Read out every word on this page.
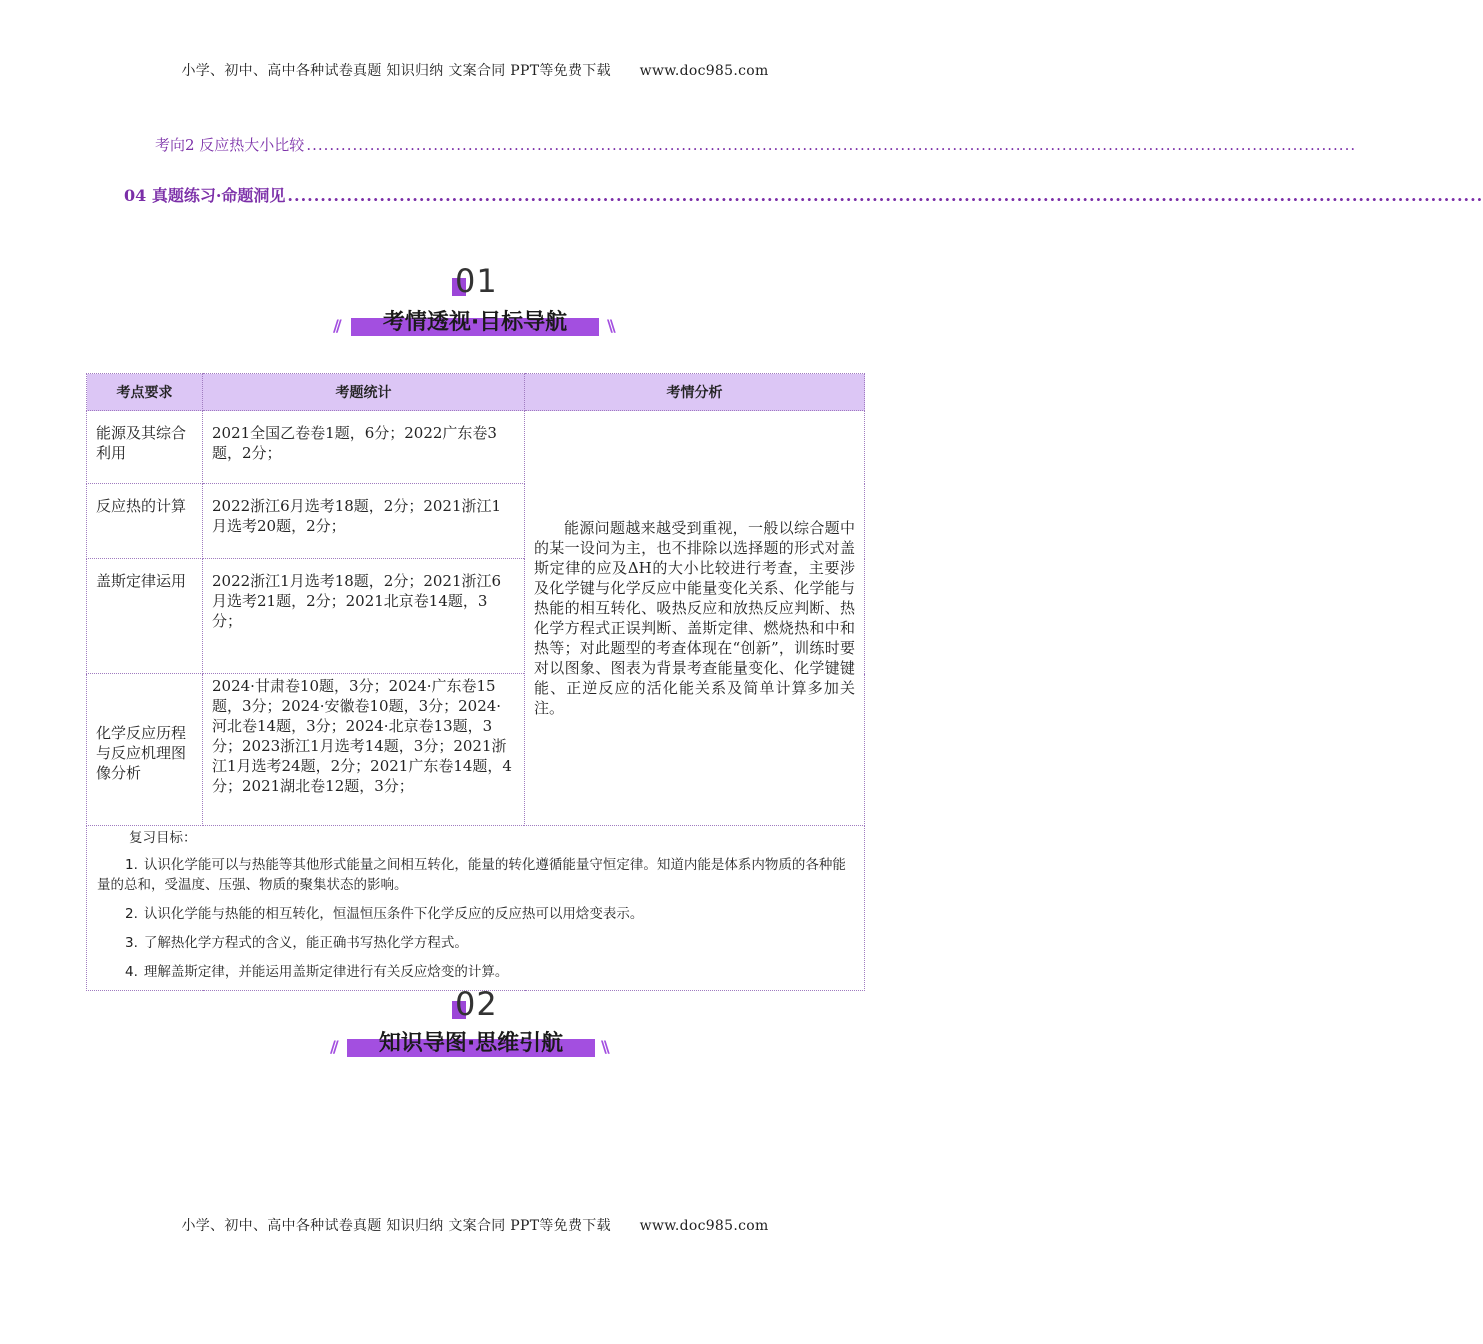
小学、初中、高中各种试卷真题 知识归纳 文案合同 PPT等免费下载 www.doc985.com
考向2 反应热大小比较 ......................................................................................................................................................................................
04 真题练习·命题洞见 ......................................................................................................................................................................................
01
//	考情透视·目标导航	\\
考点要求	考题统计	考情分析
能源及其综合利用	2021全国乙卷卷1题，6分；2022广东卷3题，2分；	能源问题越来越受到重视，一般以综合题中的某一设问为主，也不排除以选择题的形式对盖斯定律的应及ΔH的大小比较进行考查，主要涉及化学键与化学反应中能量变化关系、化学能与热能的相互转化、吸热反应和放热反应判断、热化学方程式正误判断、盖斯定律、燃烧热和中和热等；对此题型的考查体现在“创新”，训练时要对以图象、图表为背景考查能量变化、化学键键能、正逆反应的活化能关系及简单计算多加关注。
反应热的计算	2022浙江6月选考18题，2分；2021浙江1月选考20题，2分；	
盖斯定律运用	2022浙江1月选考18题，2分；2021浙江6月选考21题，2分；2021北京卷14题，3分；	
化学反应历程与反应机理图像分析	2024·甘肃卷10题，3分；2024·广东卷15题，3分；2024·安徽卷10题，3分；2024·河北卷14题，3分；2024·北京卷13题，3分；2023浙江1月选考14题，3分；2021浙江1月选考24题，2分；2021广东卷14题，4分；2021湖北卷12题，3分；	

复习目标：
1. 认识化学能可以与热能等其他形式能量之间相互转化，能量的转化遵循能量守恒定律。知道内能是体系内物质的各种能量的总和，受温度、压强、物质的聚集状态的影响。
2. 认识化学能与热能的相互转化，恒温恒压条件下化学反应的反应热可以用焓变表示。
3. 了解热化学方程式的含义，能正确书写热化学方程式。
4. 理解盖斯定律，并能运用盖斯定律进行有关反应焓变的计算。		
02
//	知识导图·思维引航	\\
小学、初中、高中各种试卷真题 知识归纳 文案合同 PPT等免费下载 www.doc985.com
